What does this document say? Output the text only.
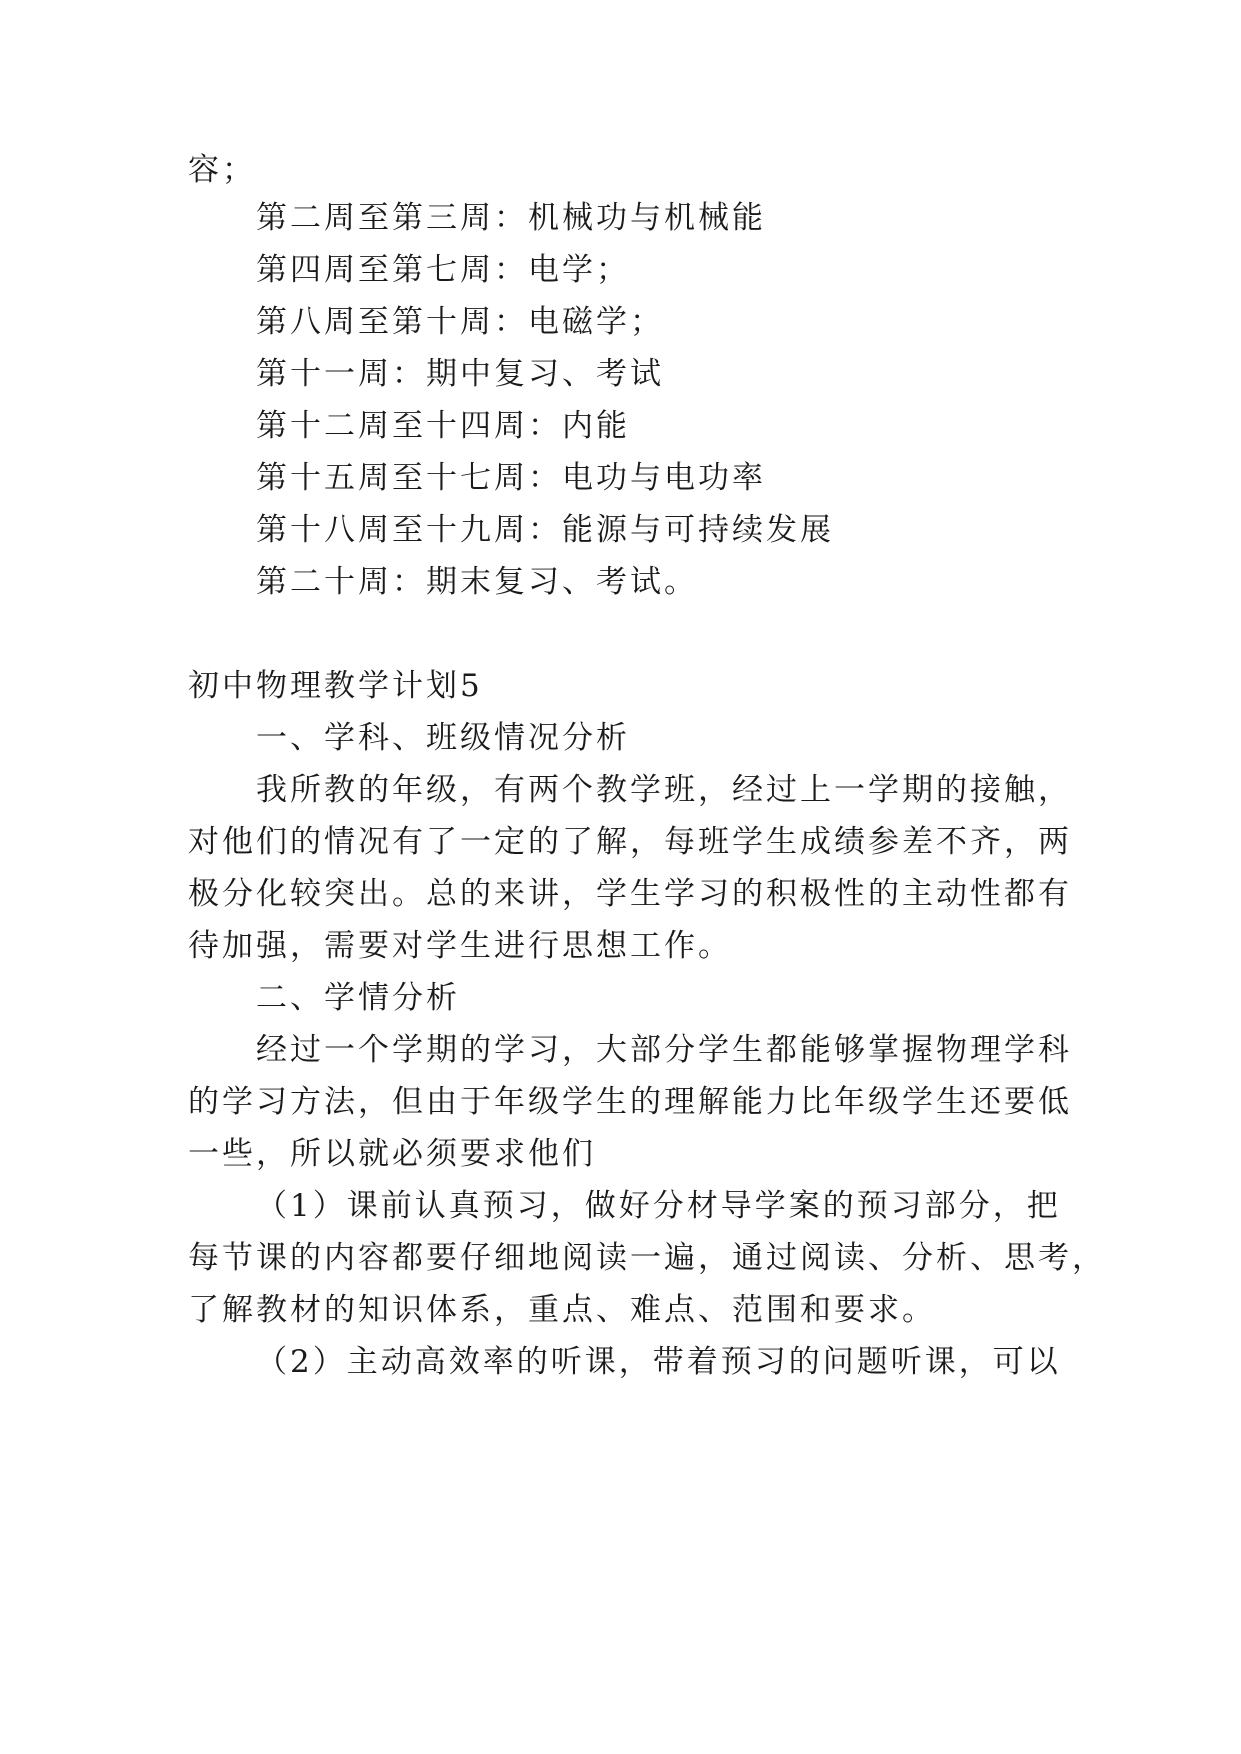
容；
第二周至第三周：机械功与机械能
第四周至第七周：电学；
第八周至第十周：电磁学；
第十一周：期中复习、考试
第十二周至十四周：内能
第十五周至十七周：电功与电功率
第十八周至十九周：能源与可持续发展
第二十周：期末复习、考试。
初中物理教学计划5
一、学科、班级情况分析
我所教的年级，有两个教学班，经过上一学期的接触，
对他们的情况有了一定的了解，每班学生成绩参差不齐，两
极分化较突出。总的来讲，学生学习的积极性的主动性都有
待加强，需要对学生进行思想工作。
二、学情分析
经过一个学期的学习，大部分学生都能够掌握物理学科
的学习方法，但由于年级学生的理解能力比年级学生还要低
一些，所以就必须要求他们
（1）课前认真预习，做好分材导学案的预习部分，把
每节课的内容都要仔细地阅读一遍，通过阅读、分析、思考，
了解教材的知识体系，重点、难点、范围和要求。
（2）主动高效率的听课，带着预习的问题听课，可以
